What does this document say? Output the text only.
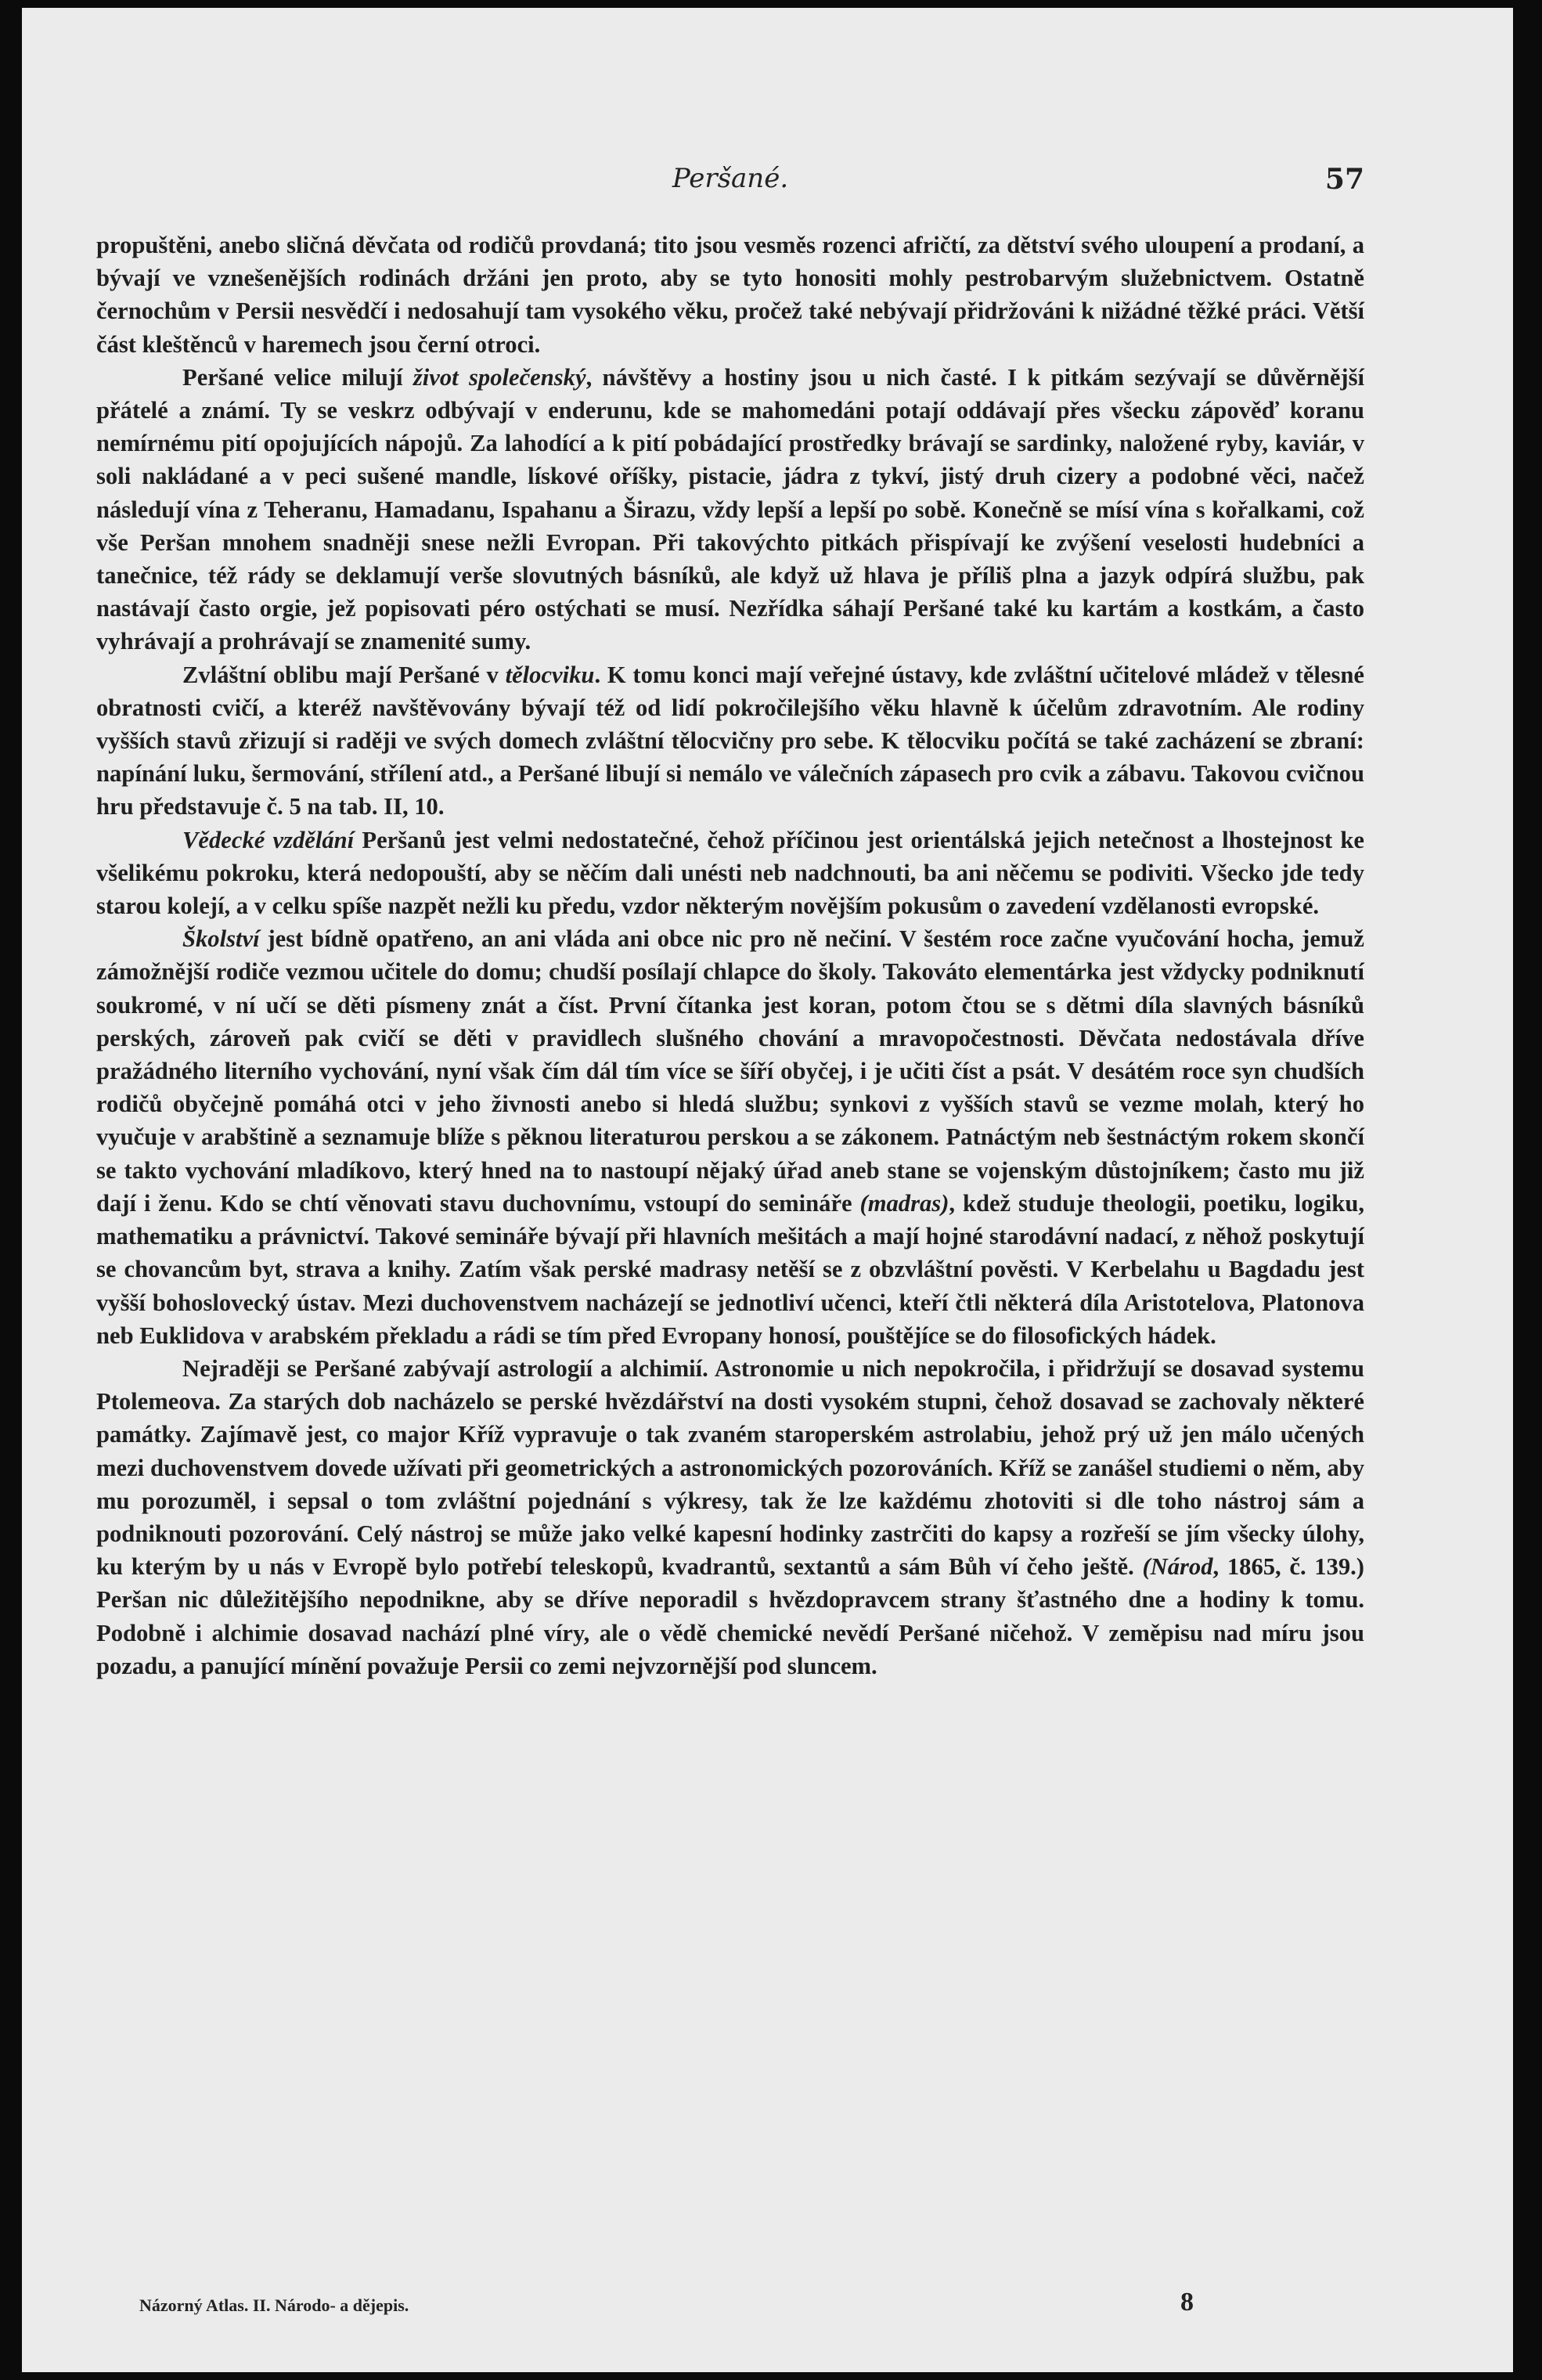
Peršané.	57

propuštěni, anebo sličná děvčata od rodičů provdaná; tito jsou vesměs rozenci afričtí, za dětství svého uloupení a prodaní, a bývají ve vznešenějších rodinách držáni jen proto, aby se tyto honositi mohly pestrobarvým služebnictvem. Ostatně černochům v Persii nesvědčí i nedosahují tam vysokého věku, pročež také nebývají přidržováni k nižádné těžké práci. Větší část kleštěnců v haremech jsou černí otroci.

Peršané velice milují život společenský, návštěvy a hostiny jsou u nich časté. I k pitkám sezývají se důvěrnější přátelé a známí. Ty se veskrz odbývají v enderunu, kde se mahomedáni potají oddávají přes všecku zápověď koranu nemírnému pití opojujících nápojů. Za lahodící a k pití pobádající prostředky brávají se sardinky, naložené ryby, kaviár, v soli nakládané a v peci sušené mandle, lískové oříšky, pistacie, jádra z tykví, jistý druh cizery a podobné věci, načež následují vína z Teheranu, Hamadanu, Ispahanu a Širazu, vždy lepší a lepší po sobě. Konečně se mísí vína s kořalkami, což vše Peršan mnohem snadněji snese nežli Evropan. Při takovýchto pitkách přispívají ke zvýšení veselosti hudebníci a tanečnice, též rády se deklamují verše slovutných básníků, ale když už hlava je příliš plna a jazyk odpírá službu, pak nastávají často orgie, jež popisovati péro ostýchati se musí. Nezřídka sáhají Peršané také ku kartám a kostkám, a často vyhrávají a prohrávají se znamenité sumy.

Zvláštní oblibu mají Peršané v tělocviku. K tomu konci mají veřejné ústavy, kde zvláštní učitelové mládež v tělesné obratnosti cvičí, a kteréž navštěvovány bývají též od lidí pokročilejšího věku hlavně k účelům zdravotním. Ale rodiny vyšších stavů zřizují si raději ve svých domech zvláštní tělocvičny pro sebe. K tělocviku počítá se také zacházení se zbraní: napínání luku, šermování, střílení atd., a Peršané libují si nemálo ve válečních zápasech pro cvik a zábavu. Takovou cvičnou hru představuje č. 5 na tab. II, 10.

Vědecké vzdělání Peršanů jest velmi nedostatečné, čehož příčinou jest orientálská jejich netečnost a lhostejnost ke všelikému pokroku, která nedopouští, aby se něčím dali unésti neb nadchnouti, ba ani něčemu se podiviti. Všecko jde tedy starou kolejí, a v celku spíše nazpět nežli ku předu, vzdor některým novějším pokusům o zavedení vzdělanosti evropské.

Školství jest bídně opatřeno, an ani vláda ani obce nic pro ně nečiní. V šestém roce začne vyučování hocha, jemuž zámožnější rodiče vezmou učitele do domu; chudší posílají chlapce do školy. Takováto elementárka jest vždycky podniknutí soukromé, v ní učí se děti písmeny znát a číst. První čítanka jest koran, potom čtou se s dětmi díla slavných básníků perských, zároveň pak cvičí se děti v pravidlech slušného chování a mravopočestnosti. Děvčata nedostávala dříve pražádného literního vychování, nyní však čím dál tím více se šíří obyčej, i je učiti číst a psát. V desátém roce syn chudších rodičů obyčejně pomáhá otci v jeho živnosti anebo si hledá službu; synkovi z vyšších stavů se vezme molah, který ho vyučuje v arabštině a seznamuje blíže s pěknou literaturou perskou a se zákonem. Patnáctým neb šestnáctým rokem skončí se takto vychování mladíkovo, který hned na to nastoupí nějaký úřad aneb stane se vojenským důstojníkem; často mu již dají i ženu. Kdo se chtí věnovati stavu duchovnímu, vstoupí do semináře (madras), kdež studuje theologii, poetiku, logiku, mathematiku a právnictví. Takové semináře bývají při hlavních mešitách a mají hojné starodávní nadací, z něhož poskytují se chovancům byt, strava a knihy. Zatím však perské madrasy netěší se z obzvláštní pověsti. V Kerbelahu u Bagdadu jest vyšší bohoslovecký ústav. Mezi duchovenstvem nacházejí se jednotliví učenci, kteří čtli některá díla Aristotelova, Platonova neb Euklidova v arabském překladu a rádi se tím před Evropany honosí, pouštějíce se do filosofických hádek.

Nejraději se Peršané zabývají astrologií a alchimií. Astronomie u nich nepokročila, i přidržují se dosavad systemu Ptolemeova. Za starých dob nacházelo se perské hvězdářství na dosti vysokém stupni, čehož dosavad se zachovaly některé památky. Zajímavě jest, co major Kříž vypravuje o tak zvaném staroperském astrolabiu, jehož prý už jen málo učených mezi duchovenstvem dovede užívati při geometrických a astronomických pozorováních. Kříž se zanášel studiemi o něm, aby mu porozuměl, i sepsal o tom zvláštní pojednání s výkresy, tak že lze každému zhotoviti si dle toho nástroj sám a podniknouti pozorování. Celý nástroj se může jako velké kapesní hodinky zastrčiti do kapsy a rozřeší se jím všecky úlohy, ku kterým by u nás v Evropě bylo potřebí teleskopů, kvadrantů, sextantů a sám Bůh ví čeho ještě. (Národ, 1865, č. 139.) Peršan nic důležitějšího nepodnikne, aby se dříve neporadil s hvězdopravcem strany šťastného dne a hodiny k tomu. Podobně i alchimie dosavad nachází plné víry, ale o vědě chemické nevědí Peršané ničehož. V zeměpisu nad míru jsou pozadu, a panující mínění považuje Persii co zemi nejvzornější pod sluncem.

Názorný Atlas. II. Národo- a dějepis.	8
